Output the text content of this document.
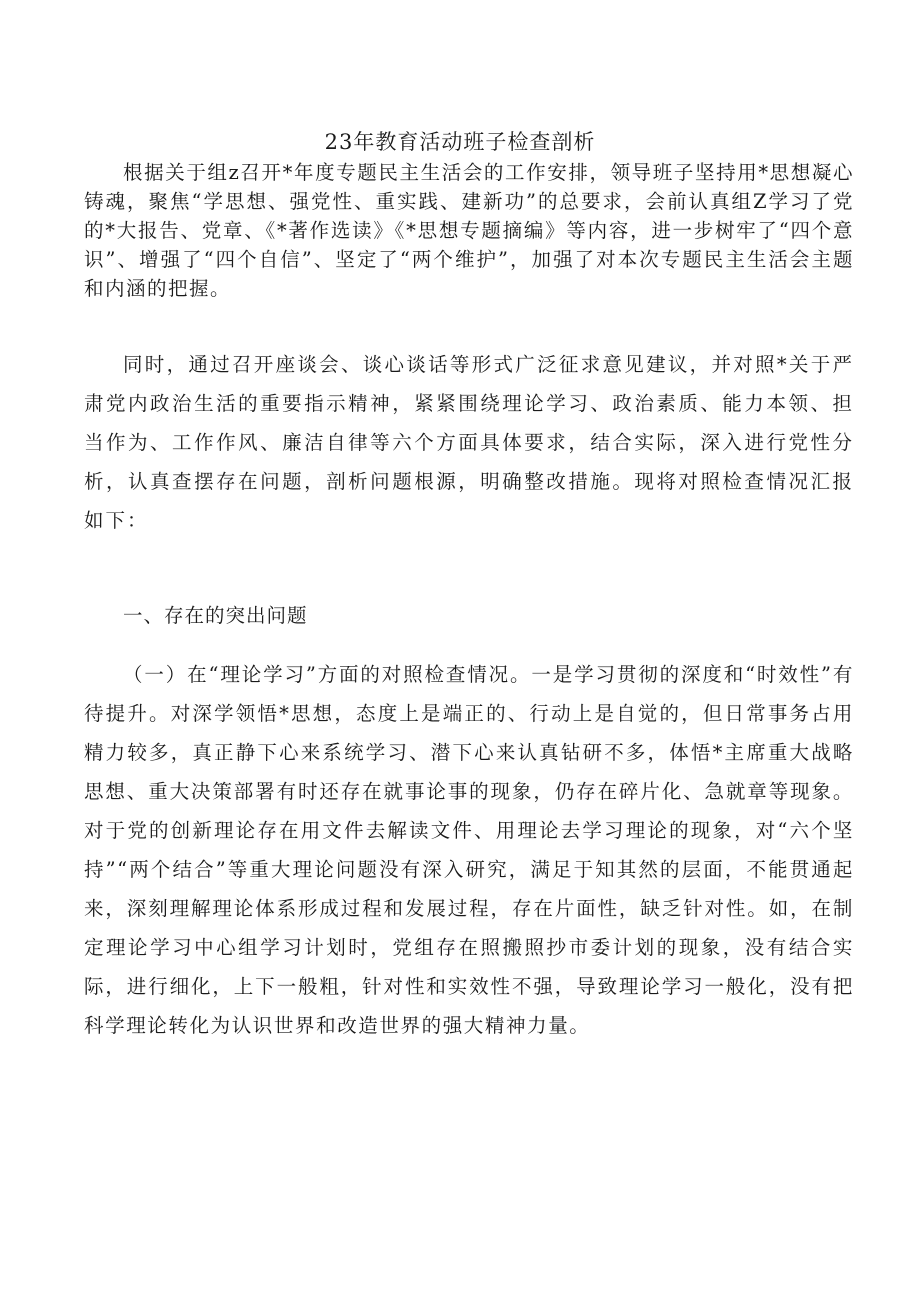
23年教育活动班子检查剖析

根据关于组z召开*年度专题民主生活会的工作安排，领导班子坚持用*思想凝心铸魂，聚焦“学思想、强党性、重实践、建新功”的总要求，会前认真组Z学习了党的*大报告、党章、《*著作选读》《*思想专题摘编》等内容，进一步树牢了“四个意识”、增强了“四个自信”、坚定了“两个维护”，加强了对本次专题民主生活会主题和内涵的把握。

同时，通过召开座谈会、谈心谈话等形式广泛征求意见建议，并对照*关于严肃党内政治生活的重要指示精神，紧紧围绕理论学习、政治素质、能力本领、担当作为、工作作风、廉洁自律等六个方面具体要求，结合实际，深入进行党性分析，认真查摆存在问题，剖析问题根源，明确整改措施。现将对照检查情况汇报如下：

一、存在的突出问题

（一）在“理论学习”方面的对照检查情况。一是学习贯彻的深度和“时效性”有待提升。对深学领悟*思想，态度上是端正的、行动上是自觉的，但日常事务占用精力较多，真正静下心来系统学习、潜下心来认真钻研不多，体悟*主席重大战略思想、重大决策部署有时还存在就事论事的现象，仍存在碎片化、急就章等现象。对于党的创新理论存在用文件去解读文件、用理论去学习理论的现象，对“六个坚持”“两个结合”等重大理论问题没有深入研究，满足于知其然的层面，不能贯通起来，深刻理解理论体系形成过程和发展过程，存在片面性，缺乏针对性。如，在制定理论学习中心组学习计划时，党组存在照搬照抄市委计划的现象，没有结合实际，进行细化，上下一般粗，针对性和实效性不强，导致理论学习一般化，没有把科学理论转化为认识世界和改造世界的强大精神力量。
